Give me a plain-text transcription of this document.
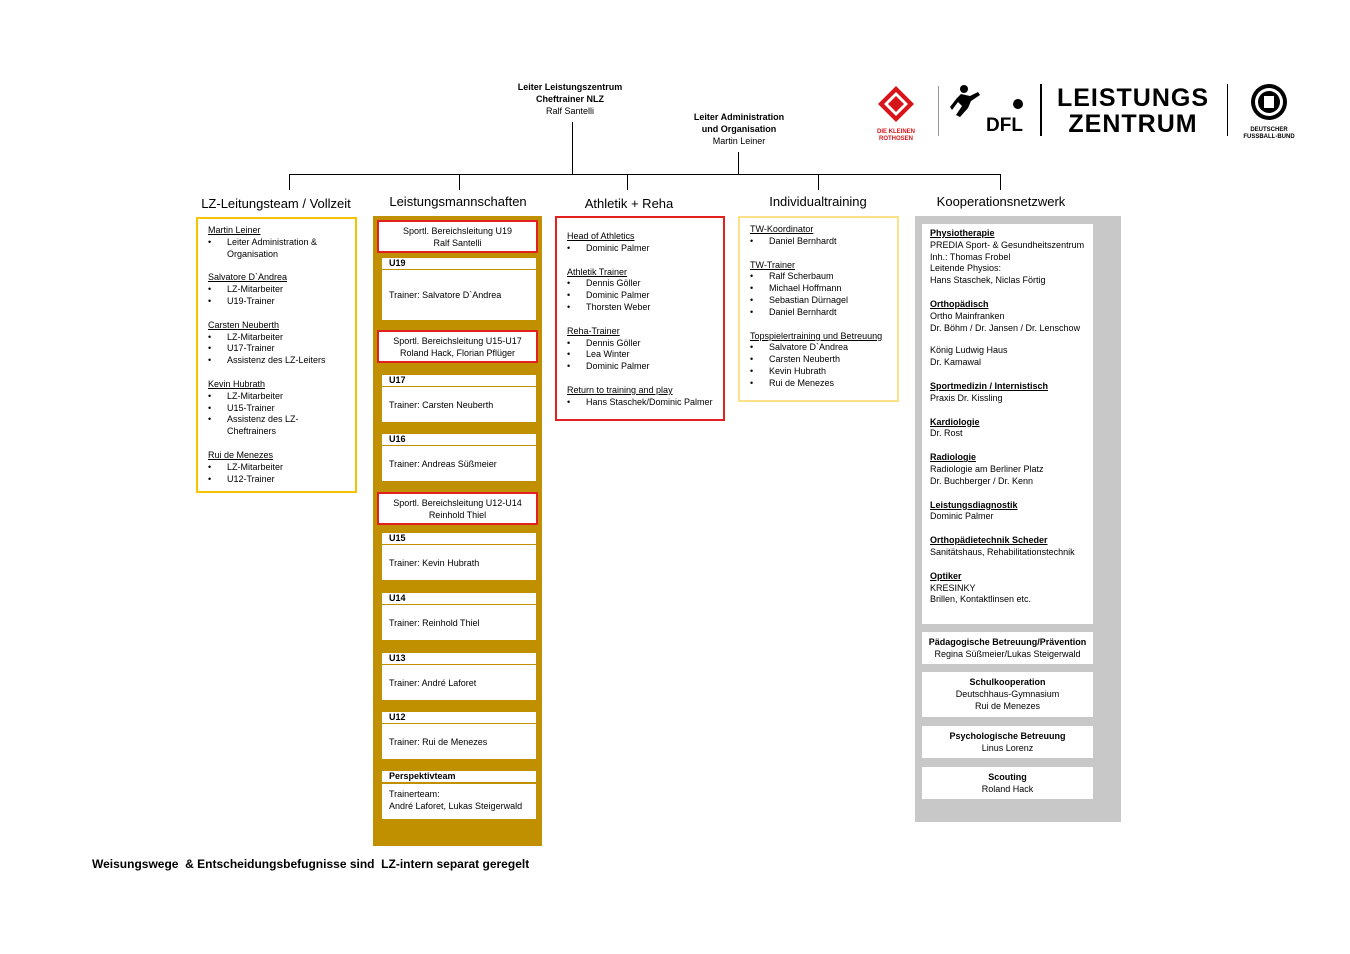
Leiter Leistungszentrum
Cheftrainer NLZ
Ralf Santelli
Leiter Administration
und Organisation
Martin Leiner
DIE KLEINEN
ROTHOSEN
DFL
LEISTUNGS
ZENTRUM	DEUTSCHER
FUSSBALL-BUND
LZ-Leitungsteam / Vollzeit	Leistungsmannschaften	Athletik + Reha	Individualtraining	Kooperationsnetzwerk
Martin Leiner
• Leiter Administration & Organisation
Salvatore D`Andrea
• LZ-Mitarbeiter
• U19-Trainer
Carsten Neuberth
• LZ-Mitarbeiter
• U17-Trainer
• Assistenz des LZ-Leiters
Kevin Hubrath
• LZ-Mitarbeiter
• U15-Trainer
• Assistenz des LZ-Cheftrainers
Rui de Menezes
• LZ-Mitarbeiter
• U12-Trainer
Sportl. Bereichsleitung U19
Ralf Santelli
U19
Trainer: Salvatore D`Andrea
Sportl. Bereichsleitung U15-U17
Roland Hack, Florian Pflüger
U17
Trainer: Carsten Neuberth
U16
Trainer: Andreas Süßmeier
Sportl. Bereichsleitung U12-U14
Reinhold Thiel
U15
Trainer: Kevin Hubrath
U14
Trainer: Reinhold Thiel
U13
Trainer: André Laforet
U12
Trainer: Rui de Menezes
Perspektivteam
Trainerteam:
André Laforet, Lukas Steigerwald
Head of Athletics
• Dominic Palmer
Athletik Trainer
• Dennis Göller
• Dominic Palmer
• Thorsten Weber
Reha-Trainer
• Dennis Göller
• Lea Winter
• Dominic Palmer
Return to training and play
• Hans Staschek/Dominic Palmer
TW-Koordinator
• Daniel Bernhardt
TW-Trainer
• Ralf Scherbaum
• Michael Hoffmann
• Sebastian Dürnagel
• Daniel Bernhardt
Topspielertraining und Betreuung
• Salvatore D`Andrea
• Carsten Neuberth
• Kevin Hubrath
• Rui de Menezes
Physiotherapie
PREDIA Sport- & Gesundheitszentrum
Inh.: Thomas Frobel
Leitende Physios:
Hans Staschek, Niclas Förtig
Orthopädisch
Ortho Mainfranken
Dr. Böhm / Dr. Jansen / Dr. Lenschow
König Ludwig Haus
Dr. Kamawal
Sportmedizin / Internistisch
Praxis Dr. Kissling
Kardiologie
Dr. Rost
Radiologie
Radiologie am Berliner Platz
Dr. Buchberger / Dr. Kenn
Leistungsdiagnostik
Dominic Palmer
Orthopädietechnik Scheder
Sanitätshaus, Rehabilitationstechnik
Optiker
KRESINKY
Brillen, Kontaktlinsen etc.
Pädagogische Betreuung/Prävention
Regina Süßmeier/Lukas Steigerwald
Schulkooperation
Deutschhaus-Gymnasium
Rui de Menezes
Psychologische Betreuung
Linus Lorenz
Scouting
Roland Hack
Weisungswege  & Entscheidungsbefugnisse sind  LZ-intern separat geregelt
